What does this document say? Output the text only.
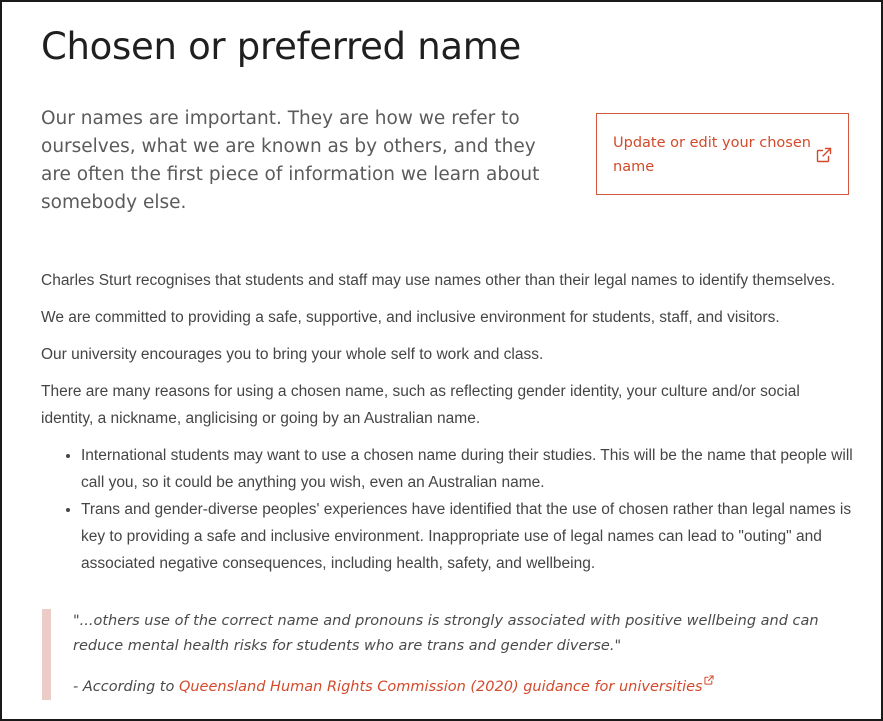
Chosen or preferred name

Our names are important. They are how we refer to ourselves, what we are known as by others, and they are often the first piece of information we learn about somebody else.

Update or edit your chosen name

Charles Sturt recognises that students and staff may use names other than their legal names to identify themselves.

We are committed to providing a safe, supportive, and inclusive environment for students, staff, and visitors.

Our university encourages you to bring your whole self to work and class.

There are many reasons for using a chosen name, such as reflecting gender identity, your culture and/or social identity, a nickname, anglicising or going by an Australian name.

• International students may want to use a chosen name during their studies. This will be the name that people will call you, so it could be anything you wish, even an Australian name.
• Trans and gender-diverse peoples' experiences have identified that the use of chosen rather than legal names is key to providing a safe and inclusive environment. Inappropriate use of legal names can lead to "outing" and associated negative consequences, including health, safety, and wellbeing.

"...others use of the correct name and pronouns is strongly associated with positive wellbeing and can reduce mental health risks for students who are trans and gender diverse."

- According to Queensland Human Rights Commission (2020) guidance for universities
